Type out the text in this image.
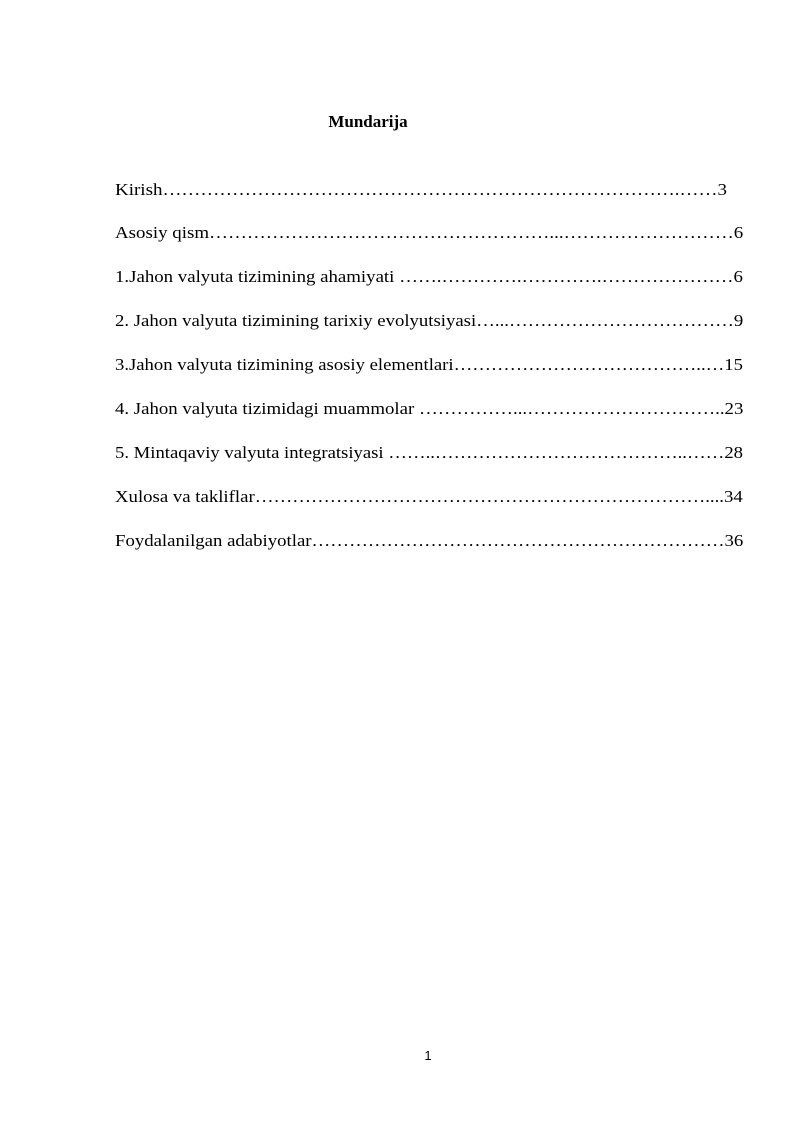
Mundarija
Kirish……………………………………………………………………….……3
Asosiy qism………………………………………………...………………………6
1.Jahon valyuta tizimining ahamiyati …….………….………….…………………6
2. Jahon valyuta tizimining tarixiy evolyutsiyasi…...………………………………9
3.Jahon valyuta tizimining asosiy elementlari…………………………………..…15
4. Jahon valyuta tizimidagi muammolar ……………...…………………………..23
5. Mintaqaviy valyuta integratsiyasi ……..…………………………………..……28
Xulosa va takliflar………………………………………………………………....34
Foydalanilgan adabiyotlar…………………………………………………………36
1
